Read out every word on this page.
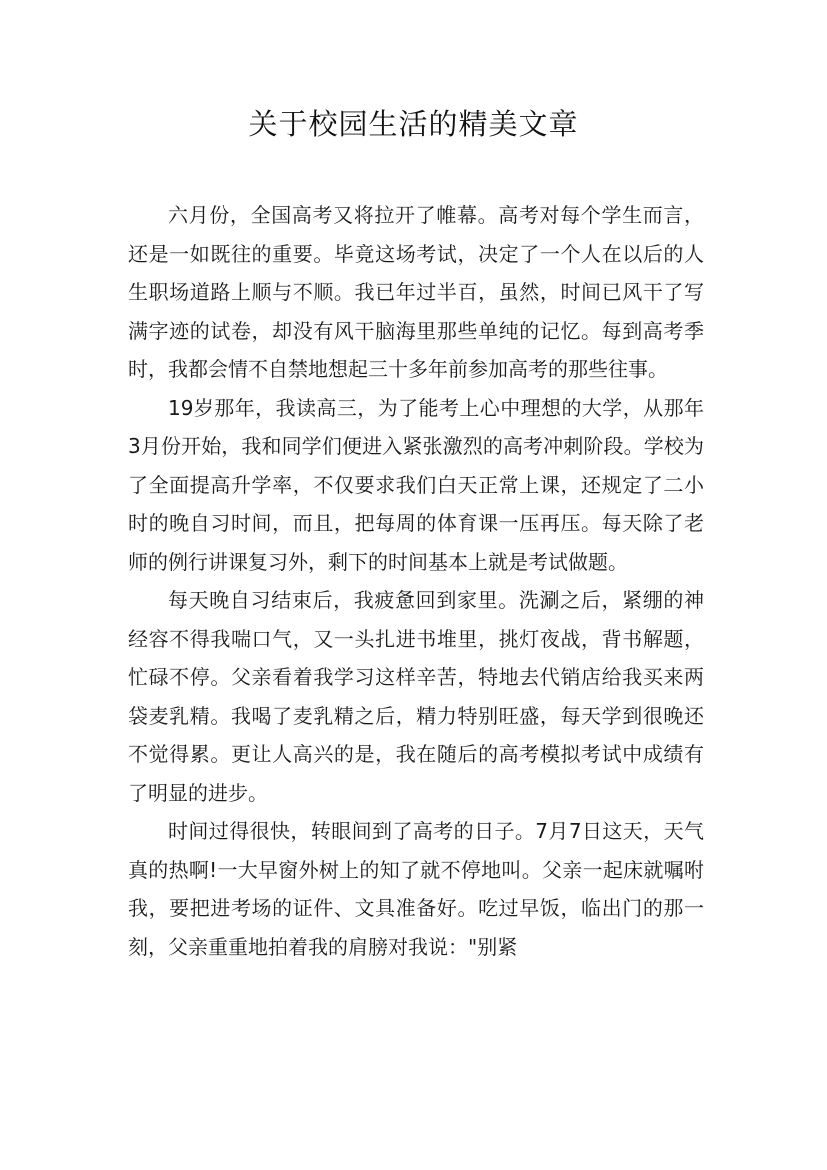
关于校园生活的精美文章

六月份，全国高考又将拉开了帷幕。高考对每个学生而言，还是一如既往的重要。毕竟这场考试，决定了一个人在以后的人生职场道路上顺与不顺。我已年过半百，虽然，时间已风干了写满字迹的试卷，却没有风干脑海里那些单纯的记忆。每到高考季时，我都会情不自禁地想起三十多年前参加高考的那些往事。

19岁那年，我读高三，为了能考上心中理想的大学，从那年3月份开始，我和同学们便进入紧张激烈的高考冲刺阶段。学校为了全面提高升学率，不仅要求我们白天正常上课，还规定了二小时的晚自习时间，而且，把每周的体育课一压再压。每天除了老师的例行讲课复习外，剩下的时间基本上就是考试做题。

每天晚自习结束后，我疲惫回到家里。洗涮之后，紧绷的神经容不得我喘口气，又一头扎进书堆里，挑灯夜战，背书解题，忙碌不停。父亲看着我学习这样辛苦，特地去代销店给我买来两袋麦乳精。我喝了麦乳精之后，精力特别旺盛，每天学到很晚还不觉得累。更让人高兴的是，我在随后的高考模拟考试中成绩有了明显的进步。

时间过得很快，转眼间到了高考的日子。7月7日这天，天气真的热啊!一大早窗外树上的知了就不停地叫。父亲一起床就嘱咐我，要把进考场的证件、文具准备好。吃过早饭，临出门的那一刻，父亲重重地拍着我的肩膀对我说："别紧
